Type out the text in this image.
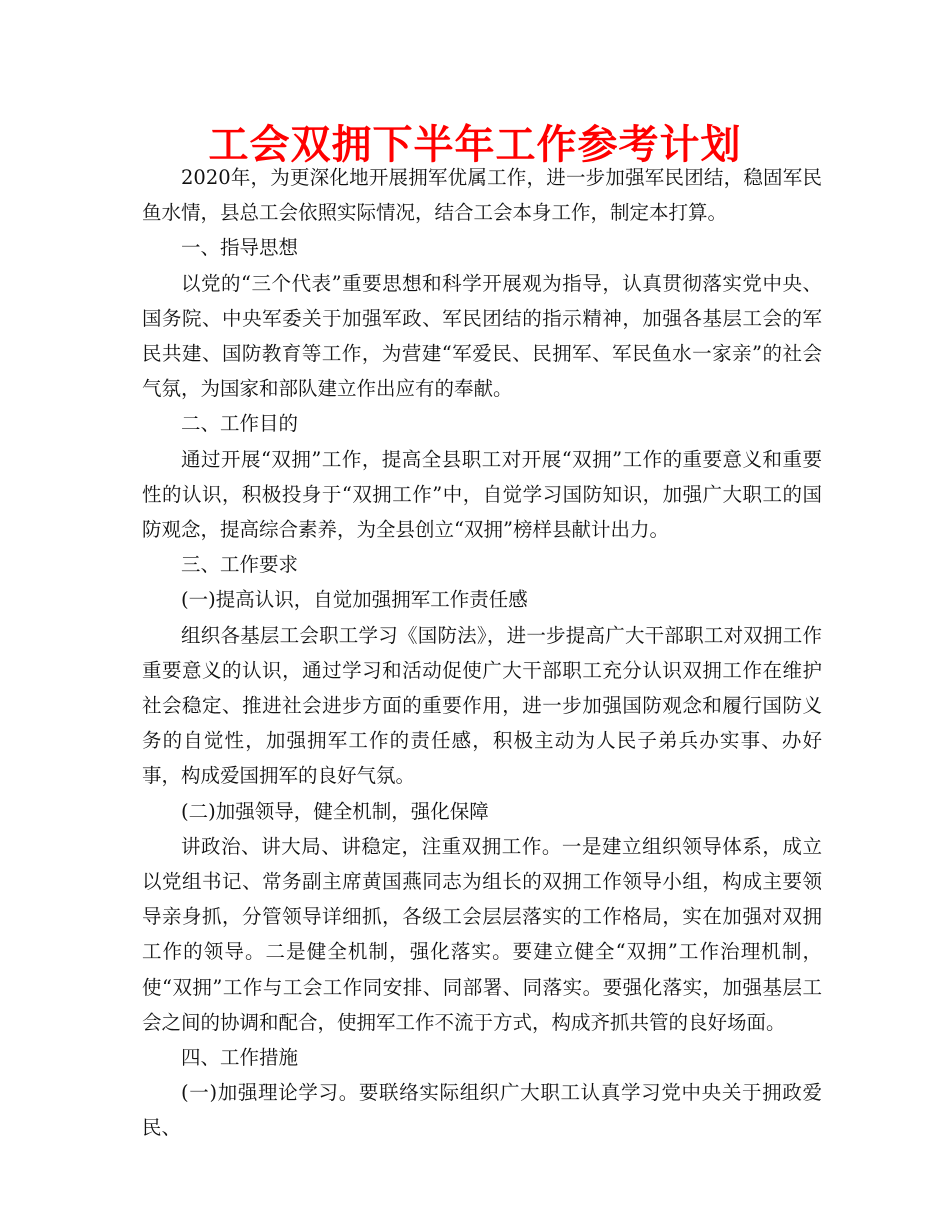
工会双拥下半年工作参考计划

2020年，为更深化地开展拥军优属工作，进一步加强军民团结，稳固军民鱼水情，县总工会依照实际情况，结合工会本身工作，制定本打算。

一、指导思想

以党的“三个代表”重要思想和科学开展观为指导，认真贯彻落实党中央、国务院、中央军委关于加强军政、军民团结的指示精神，加强各基层工会的军民共建、国防教育等工作，为营建“军爱民、民拥军、军民鱼水一家亲”的社会气氛，为国家和部队建立作出应有的奉献。

二、工作目的

通过开展“双拥”工作，提高全县职工对开展“双拥”工作的重要意义和重要性的认识，积极投身于“双拥工作”中，自觉学习国防知识，加强广大职工的国防观念，提高综合素养，为全县创立“双拥”榜样县献计出力。

三、工作要求

(一)提高认识，自觉加强拥军工作责任感

组织各基层工会职工学习《国防法》，进一步提高广大干部职工对双拥工作重要意义的认识，通过学习和活动促使广大干部职工充分认识双拥工作在维护社会稳定、推进社会进步方面的重要作用，进一步加强国防观念和履行国防义务的自觉性，加强拥军工作的责任感，积极主动为人民子弟兵办实事、办好事，构成爱国拥军的良好气氛。

(二)加强领导，健全机制，强化保障

讲政治、讲大局、讲稳定，注重双拥工作。一是建立组织领导体系，成立以党组书记、常务副主席黄国燕同志为组长的双拥工作领导小组，构成主要领导亲身抓，分管领导详细抓，各级工会层层落实的工作格局，实在加强对双拥工作的领导。二是健全机制，强化落实。要建立健全“双拥”工作治理机制，使“双拥”工作与工会工作同安排、同部署、同落实。要强化落实，加强基层工会之间的协调和配合，使拥军工作不流于方式，构成齐抓共管的良好场面。

四、工作措施

(一)加强理论学习。要联络实际组织广大职工认真学习党中央关于拥政爱民、
